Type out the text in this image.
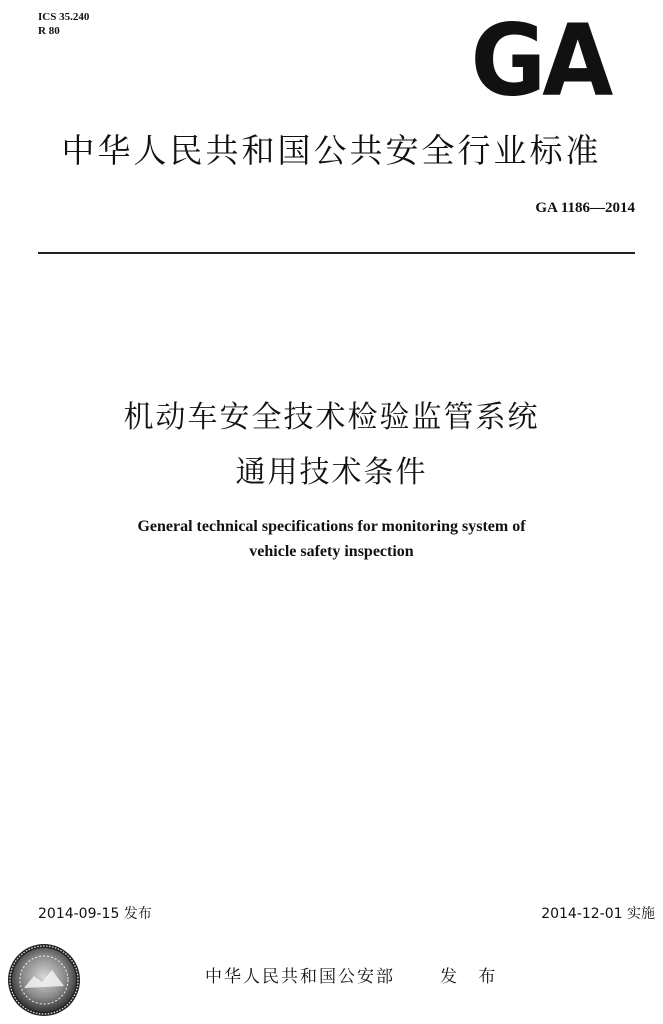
ICS 35.240
R 80	GA
中华人民共和国公共安全行业标准
GA 1186—2014
机动车安全技术检验监管系统
通用技术条件
General technical specifications for monitoring system of
vehicle safety inspection
2014-09-15 发布	2014-12-01 实施
中华人民共和国公安部	发 布
